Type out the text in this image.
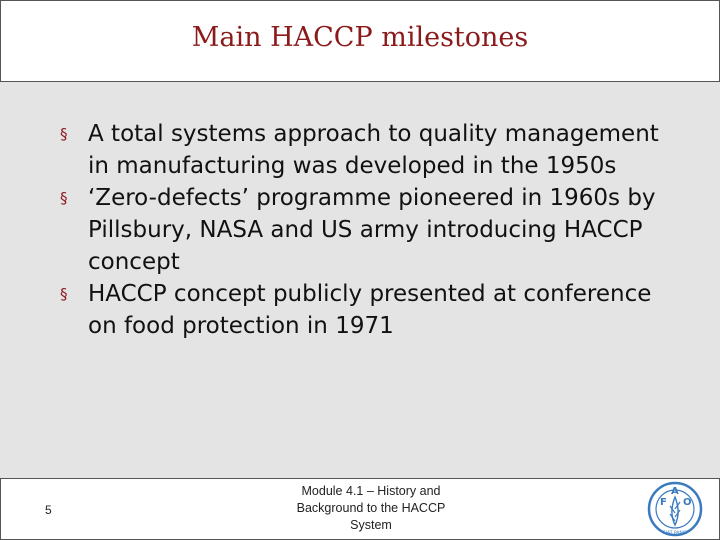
Main HACCP milestones
§ A total systems approach to quality management in manufacturing was developed in the 1950s
§ ‘Zero-defects’ programme pioneered in 1960s by Pillsbury, NASA and US army introducing HACCP concept
§ HACCP concept publicly presented at conference on food protection in 1971
5
Module 4.1 – History and
Background to the HACCP
System
F
A
O
FIAT PANIS
